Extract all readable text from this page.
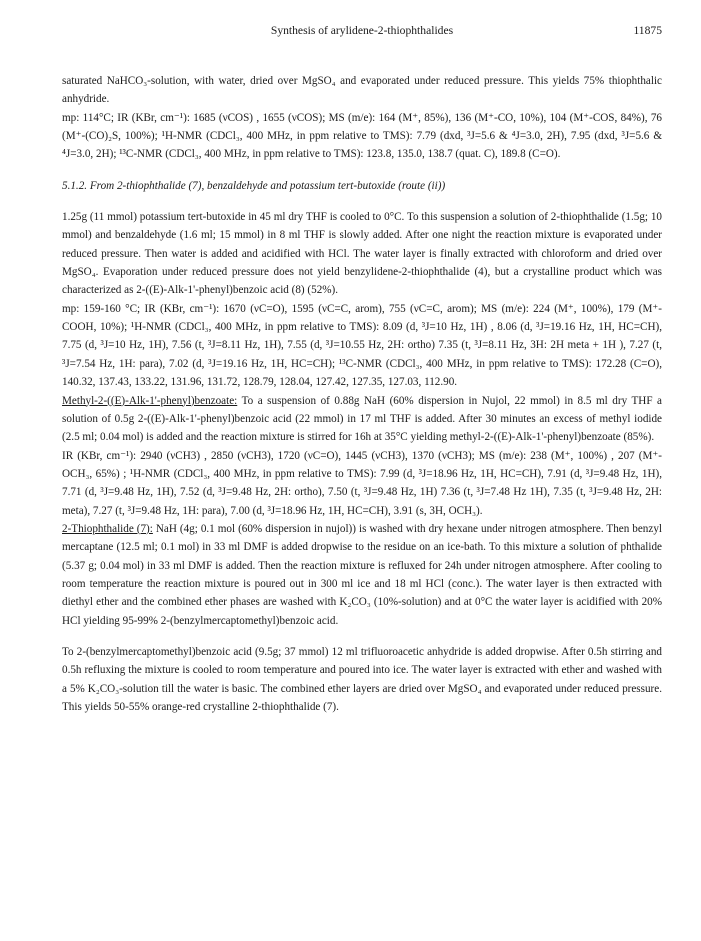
Synthesis of arylidene-2-thiophthalides	11875

saturated NaHCO₃-solution, with water, dried over MgSO₄ and evaporated under reduced pressure. This yields 75% thiophthalic anhydride.

mp: 114°C; IR (KBr, cm⁻¹): 1685 (νCOS) , 1655 (νCOS); MS (m/e): 164 (M⁺, 85%), 136 (M⁺-CO, 10%), 104 (M⁺-COS, 84%), 76 (M⁺-(CO)₂S, 100%); ¹H-NMR (CDCl₃, 400 MHz, in ppm relative to TMS): 7.79 (dxd, ³J=5.6 & ⁴J=3.0, 2H), 7.95 (dxd, ³J=5.6 & ⁴J=3.0, 2H); ¹³C-NMR (CDCl₃, 400 MHz, in ppm relative to TMS): 123.8, 135.0, 138.7 (quat. C), 189.8 (C=O).

5.1.2. From 2-thiophthalide (7), benzaldehyde and potassium tert-butoxide (route (ii))

1.25g (11 mmol) potassium tert-butoxide in 45 ml dry THF is cooled to 0°C. To this suspension a solution of 2-thiophthalide (1.5g; 10 mmol) and benzaldehyde (1.6 ml; 15 mmol) in 8 ml THF is slowly added. After one night the reaction mixture is evaporated under reduced pressure. Then water is added and acidified with HCl. The water layer is finally extracted with chloroform and dried over MgSO₄. Evaporation under reduced pressure does not yield benzylidene-2-thiophthalide (4), but a crystalline product which was characterized as 2-((E)-Alk-1'-phenyl)benzoic acid (8) (52%).

mp: 159-160 °C; IR (KBr, cm⁻¹): 1670 (νC=O), 1595 (νC=C, arom), 755 (νC=C, arom); MS (m/e): 224 (M⁺, 100%), 179 (M⁺-COOH, 10%); ¹H-NMR (CDCl₃, 400 MHz, in ppm relative to TMS): 8.09 (d, ³J=10 Hz, 1H) , 8.06 (d, ³J=19.16 Hz, 1H, HC=CH), 7.75 (d, ³J=10 Hz, 1H), 7.56 (t, ³J=8.11 Hz, 1H), 7.55 (d, ³J=10.55 Hz, 2H: ortho) 7.35 (t, ³J=8.11 Hz, 3H: 2H meta + 1H ), 7.27 (t, ³J=7.54 Hz, 1H: para), 7.02 (d, ³J=19.16 Hz, 1H, HC=CH); ¹³C-NMR (CDCl₃, 400 MHz, in ppm relative to TMS): 172.28 (C=O), 140.32, 137.43, 133.22, 131.96, 131.72, 128.79, 128.04, 127.42, 127.35, 127.03, 112.90.

Methyl-2-((E)-Alk-1'-phenyl)benzoate: To a suspension of 0.88g NaH (60% dispersion in Nujol, 22 mmol) in 8.5 ml dry THF a solution of 0.5g 2-((E)-Alk-1'-phenyl)benzoic acid (22 mmol) in 17 ml THF is added. After 30 minutes an excess of methyl iodide (2.5 ml; 0.04 mol) is added and the reaction mixture is stirred for 16h at 35°C yielding methyl-2-((E)-Alk-1'-phenyl)benzoate (85%).

IR (KBr, cm⁻¹): 2940 (νCH3) , 2850 (νCH3), 1720 (νC=O), 1445 (νCH3), 1370 (νCH3); MS (m/e): 238 (M⁺, 100%) , 207 (M⁺-OCH₃, 65%) ; ¹H-NMR (CDCl₃, 400 MHz, in ppm relative to TMS): 7.99 (d, ³J=18.96 Hz, 1H, HC=CH), 7.91 (d, ³J=9.48 Hz, 1H), 7.71 (d, ³J=9.48 Hz, 1H), 7.52 (d, ³J=9.48 Hz, 2H: ortho), 7.50 (t, ³J=9.48 Hz, 1H) 7.36 (t, ³J=7.48 Hz 1H), 7.35 (t, ³J=9.48 Hz, 2H: meta), 7.27 (t, ³J=9.48 Hz, 1H: para), 7.00 (d, ³J=18.96 Hz, 1H, HC=CH), 3.91 (s, 3H, OCH₃).

2-Thiophthalide (7): NaH (4g; 0.1 mol (60% dispersion in nujol)) is washed with dry hexane under nitrogen atmosphere. Then benzyl mercaptane (12.5 ml; 0.1 mol) in 33 ml DMF is added dropwise to the residue on an ice-bath. To this mixture a solution of phthalide (5.37 g; 0.04 mol) in 33 ml DMF is added. Then the reaction mixture is refluxed for 24h under nitrogen atmosphere. After cooling to room temperature the reaction mixture is poured out in 300 ml ice and 18 ml HCl (conc.). The water layer is then extracted with diethyl ether and the combined ether phases are washed with K₂CO₃ (10%-solution) and at 0°C the water layer is acidified with 20% HCl yielding 95-99% 2-(benzylmercaptomethyl)benzoic acid.

To 2-(benzylmercaptomethyl)benzoic acid (9.5g; 37 mmol) 12 ml trifluoroacetic anhydride is added dropwise. After 0.5h stirring and 0.5h refluxing the mixture is cooled to room temperature and poured into ice. The water layer is extracted with ether and washed with a 5% K₂CO₃-solution till the water is basic. The combined ether layers are dried over MgSO₄ and evaporated under reduced pressure. This yields 50-55% orange-red crystalline 2-thiophthalide (7).
